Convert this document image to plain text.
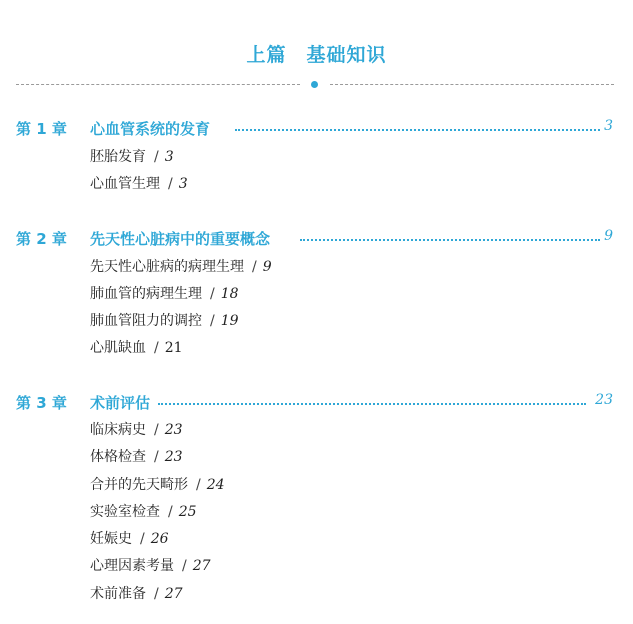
上篇　基础知识
第 1 章 心血管系统的发育	3
胚胎发育 / 3
心血管生理 / 3
第 2 章 先天性心脏病中的重要概念	9
先天性心脏病的病理生理 / 9
肺血管的病理生理 / 18
肺血管阻力的调控 / 19
心肌缺血 / 21
第 3 章 术前评估	23
临床病史 / 23
体格检查 / 23
合并的先天畸形 / 24
实验室检查 / 25
妊娠史 / 26
心理因素考量 / 27
术前准备 / 27
